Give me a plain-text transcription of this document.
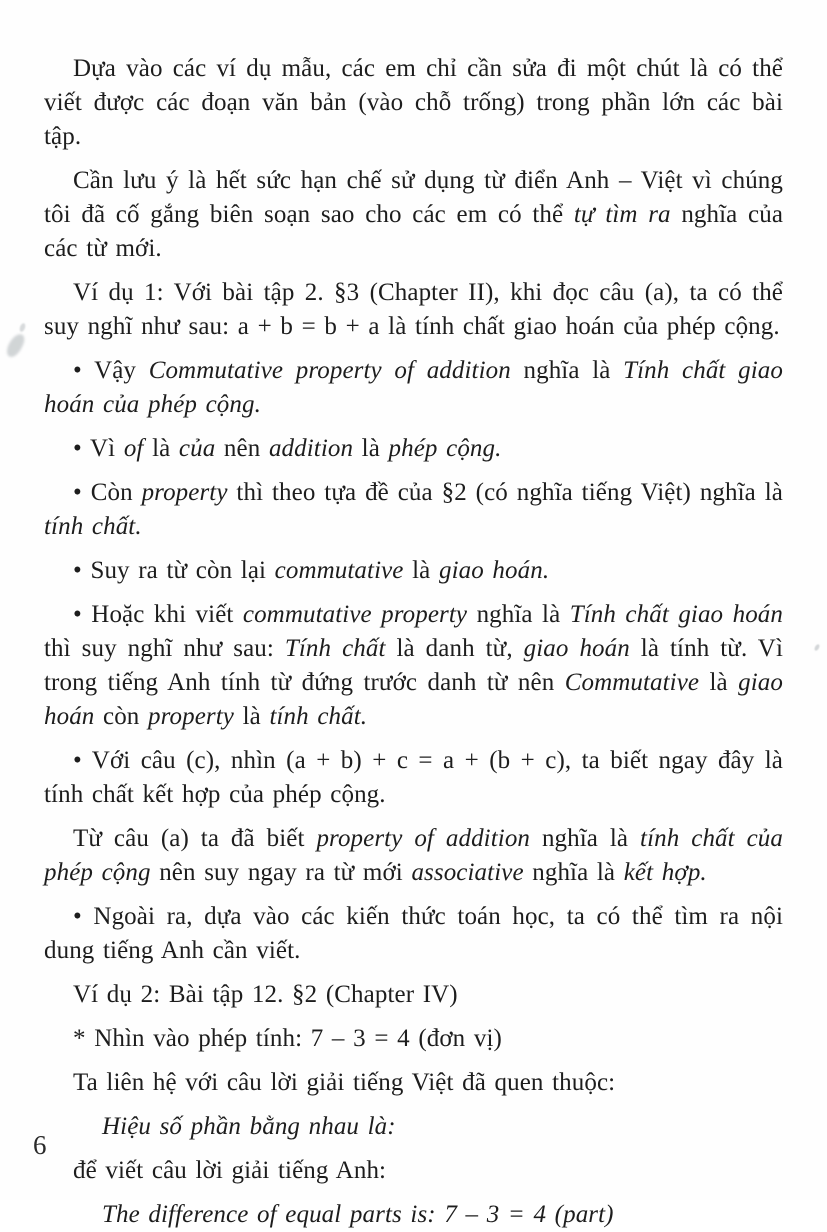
Dựa vào các ví dụ mẫu, các em chỉ cần sửa đi một chút là có thể viết được các đoạn văn bản (vào chỗ trống) trong phần lớn các bài tập.

Cần lưu ý là hết sức hạn chế sử dụng từ điển Anh – Việt vì chúng tôi đã cố gắng biên soạn sao cho các em có thể tự tìm ra nghĩa của các từ mới.

Ví dụ 1: Với bài tập 2. §3 (Chapter II), khi đọc câu (a), ta có thể suy nghĩ như sau: a + b = b + a là tính chất giao hoán của phép cộng.

• Vậy Commutative property of addition nghĩa là Tính chất giao hoán của phép cộng.

• Vì of là của nên addition là phép cộng.

• Còn property thì theo tựa đề của §2 (có nghĩa tiếng Việt) nghĩa là tính chất.

• Suy ra từ còn lại commutative là giao hoán.

• Hoặc khi viết commutative property nghĩa là Tính chất giao hoán thì suy nghĩ như sau: Tính chất là danh từ, giao hoán là tính từ. Vì trong tiếng Anh tính từ đứng trước danh từ nên Commutative là giao hoán còn property là tính chất.

• Với câu (c), nhìn (a + b) + c = a + (b + c), ta biết ngay đây là tính chất kết hợp của phép cộng.

Từ câu (a) ta đã biết property of addition nghĩa là tính chất của phép cộng nên suy ngay ra từ mới associative nghĩa là kết hợp.

• Ngoài ra, dựa vào các kiến thức toán học, ta có thể tìm ra nội dung tiếng Anh cần viết.

Ví dụ 2: Bài tập 12. §2 (Chapter IV)

* Nhìn vào phép tính: 7 – 3 = 4 (đơn vị)

Ta liên hệ với câu lời giải tiếng Việt đã quen thuộc:

Hiệu số phần bằng nhau là:

để viết câu lời giải tiếng Anh:

The difference of equal parts is: 7 – 3 = 4 (part)

6
